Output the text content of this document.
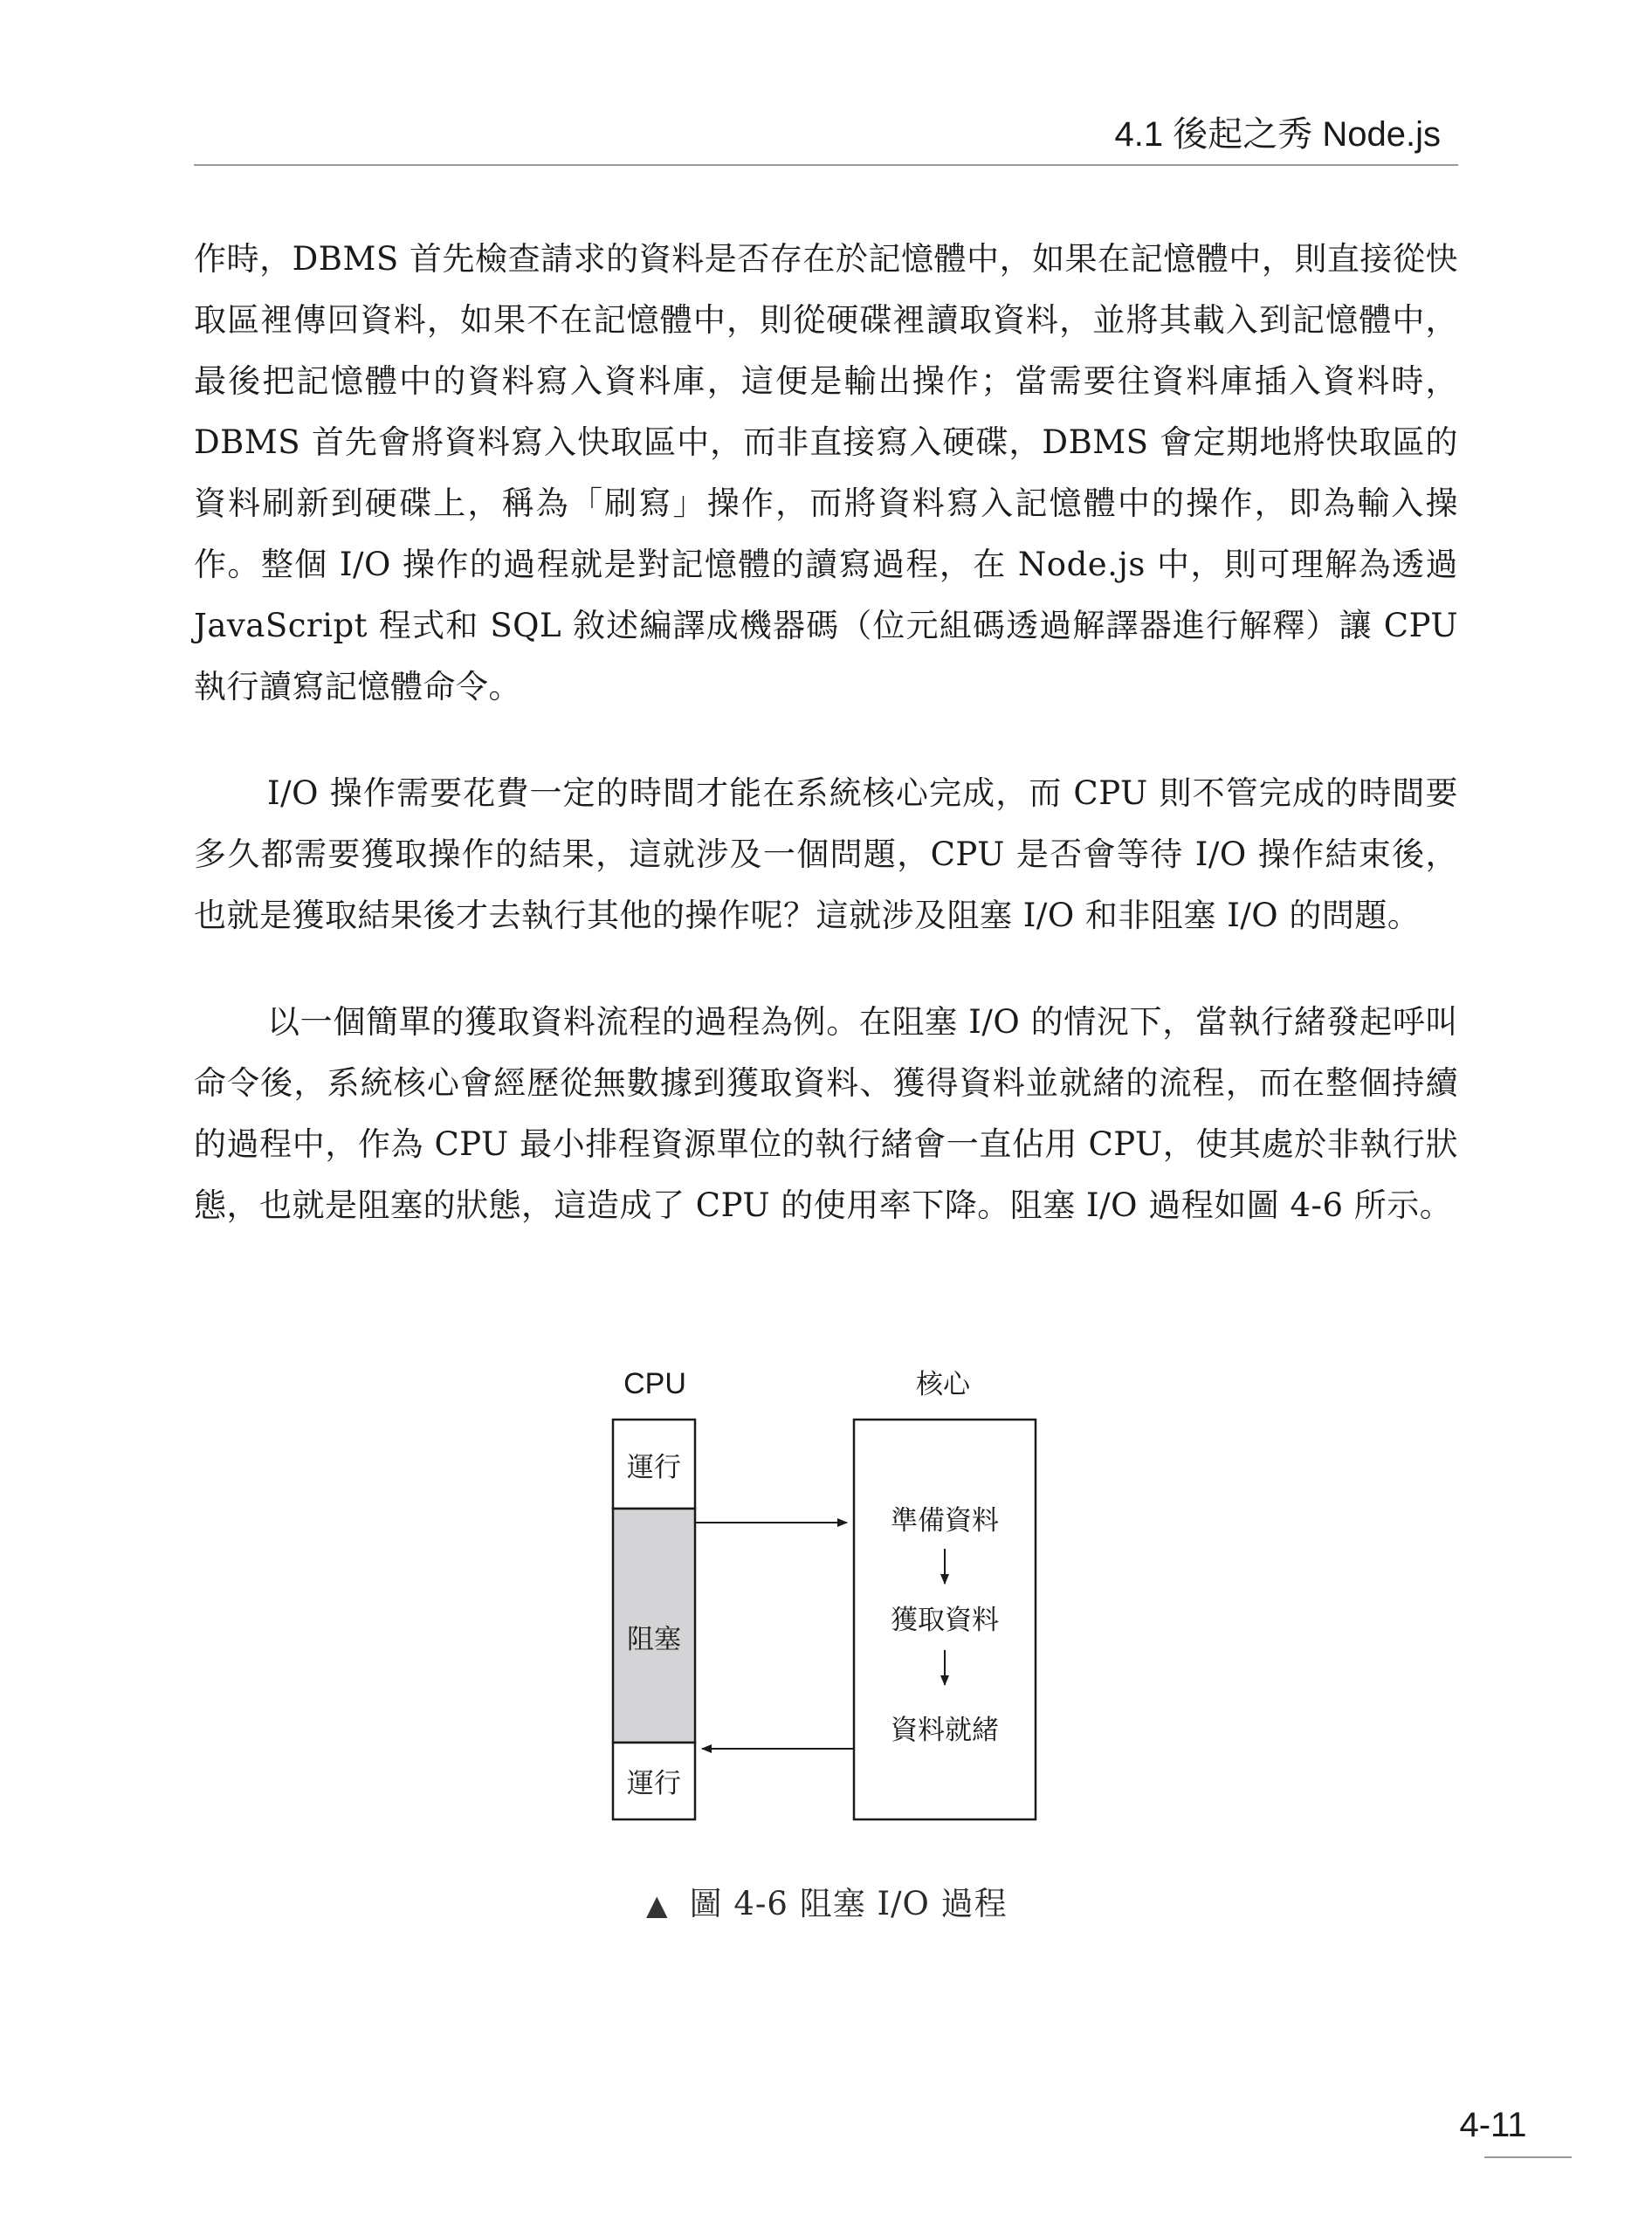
4.1 後起之秀 Node.js

作時，DBMS 首先檢查請求的資料是否存在於記憶體中，如果在記憶體中，則直接從快取區裡傳回資料，如果不在記憶體中，則從硬碟裡讀取資料，並將其載入到記憶體中，最後把記憶體中的資料寫入資料庫，這便是輸出操作；當需要往資料庫插入資料時，DBMS 首先會將資料寫入快取區中，而非直接寫入硬碟，DBMS 會定期地將快取區的資料刷新到硬碟上，稱為「刷寫」操作，而將資料寫入記憶體中的操作，即為輸入操作。整個 I/O 操作的過程就是對記憶體的讀寫過程，在 Node.js 中，則可理解為透過 JavaScript 程式和 SQL 敘述編譯成機器碼（位元組碼透過解譯器進行解釋）讓 CPU 執行讀寫記憶體命令。

I/O 操作需要花費一定的時間才能在系統核心完成，而 CPU 則不管完成的時間要多久都需要獲取操作的結果，這就涉及一個問題，CPU 是否會等待 I/O 操作結束後，也就是獲取結果後才去執行其他的操作呢？這就涉及阻塞 I/O 和非阻塞 I/O 的問題。

以一個簡單的獲取資料流程的過程為例。在阻塞 I/O 的情況下，當執行緒發起呼叫命令後，系統核心會經歷從無數據到獲取資料、獲得資料並就緒的流程，而在整個持續的過程中，作為 CPU 最小排程資源單位的執行緒會一直佔用 CPU，使其處於非執行狀態，也就是阻塞的狀態，這造成了 CPU 的使用率下降。阻塞 I/O 過程如圖 4-6 所示。

CPU	核心
運行
阻塞
運行
準備資料
獲取資料
資料就緒
▲ 圖 4-6 阻塞 I/O 過程
4-11
